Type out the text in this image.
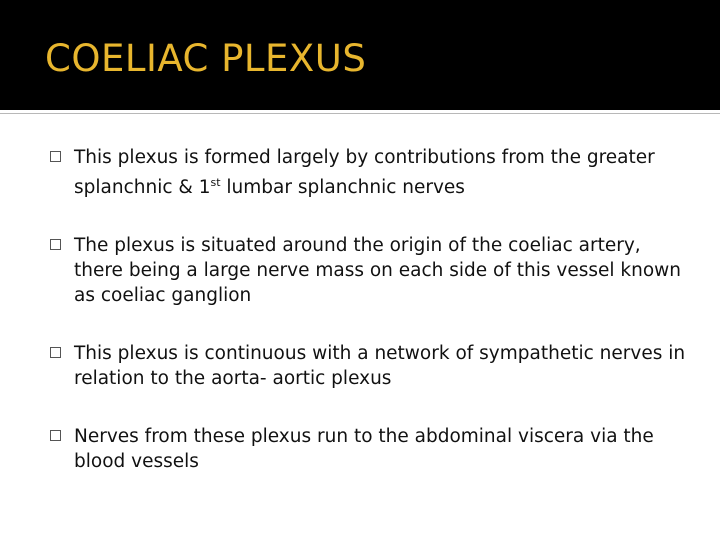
COELIAC PLEXUS
This plexus is formed largely by contributions from the greater splanchnic & 1st lumbar splanchnic nerves
The plexus is situated around the origin of the coeliac artery, there being a large nerve mass on each side of this vessel known as coeliac ganglion
This plexus is continuous with a network of sympathetic nerves in relation to the aorta- aortic plexus
Nerves from these plexus run to the abdominal viscera via the blood vessels
